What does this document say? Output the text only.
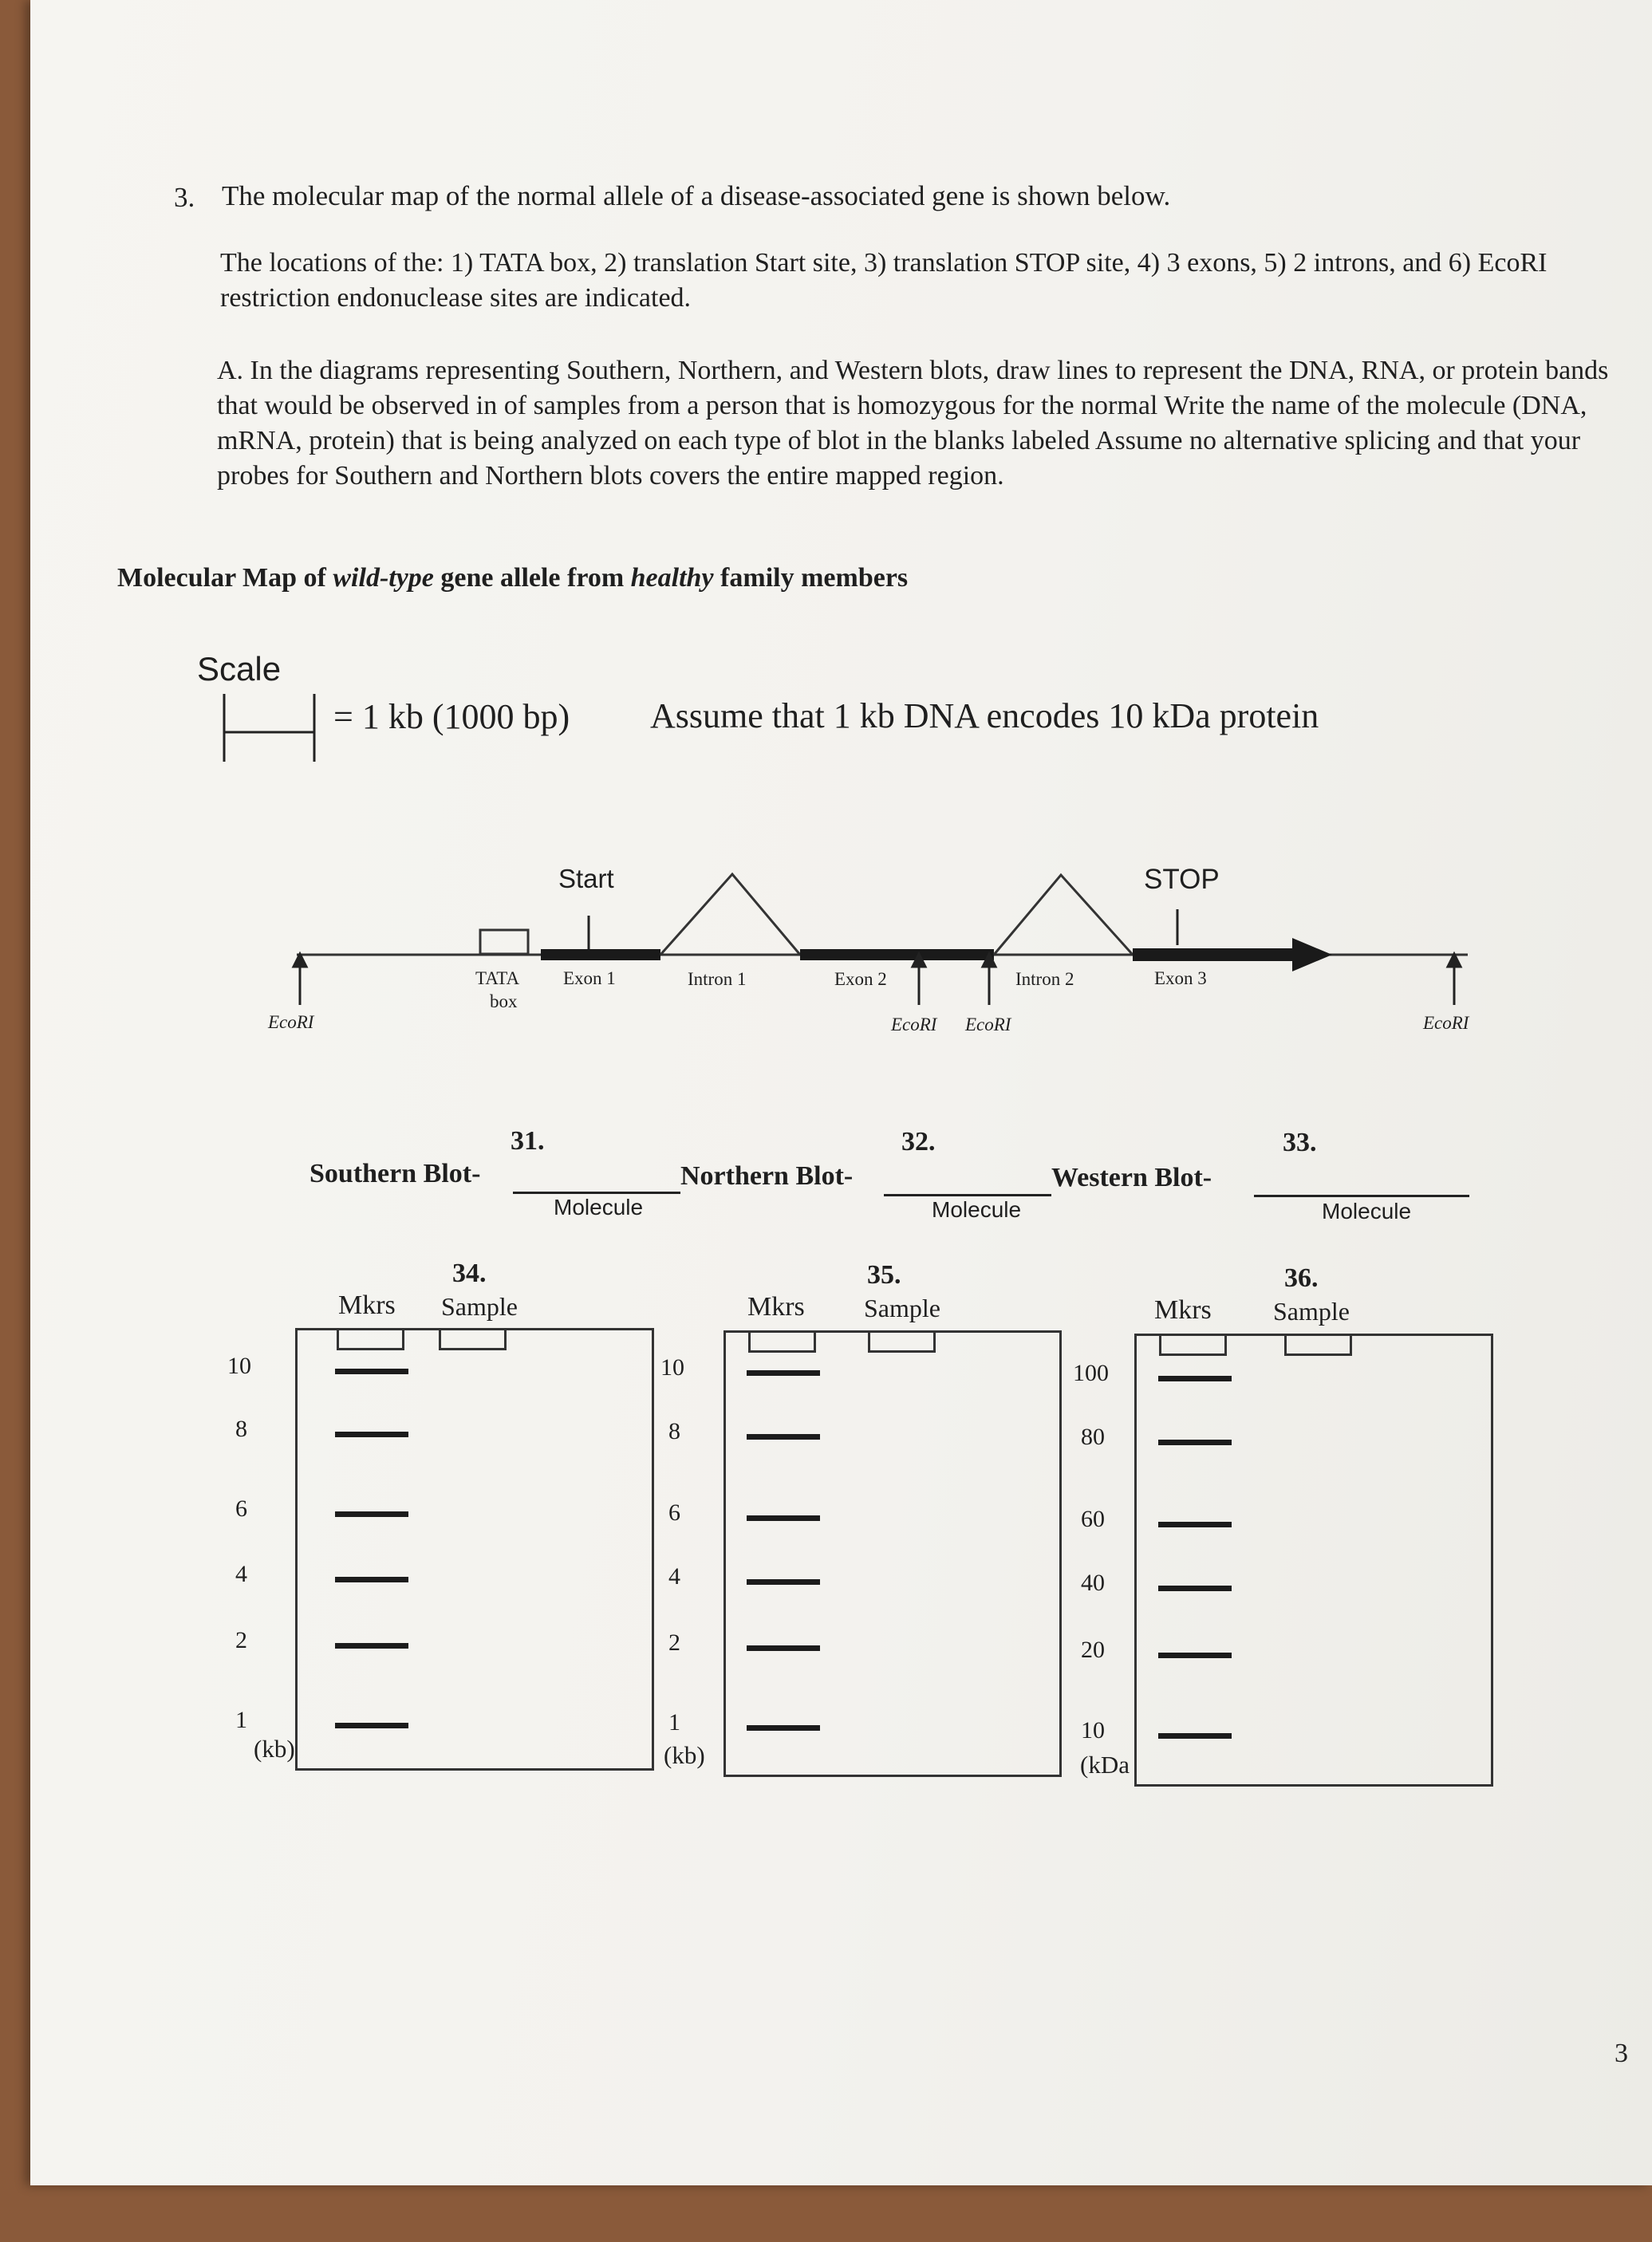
3. The molecular map of the normal allele of a disease-associated gene is shown below.
The locations of the: 1) TATA box, 2) translation Start site, 3) translation STOP site, 4) 3 exons, 5) 2 introns, and 6) EcoRI restriction endonuclease sites are indicated.
A. In the diagrams representing Southern, Northern, and Western blots, draw lines to represent the DNA, RNA, or protein bands that would be observed in of samples from a person that is homozygous for the normal Write the name of the molecule (DNA, mRNA, protein) that is being analyzed on each type of blot in the blanks labeled Assume no alternative splicing and that your probes for Southern and Northern blots covers the entire mapped region.
Molecular Map of wild-type gene allele from healthy family members
Scale
= 1 kb (1000 bp) Assume that 1 kb DNA encodes 10 kDa protein
Start	STOP
TATA
box
Exon 1	Intron 1	Exon 2	Intron 2	Exon 3
EcoRI	EcoRI EcoRI	EcoRI
31.
Southern Blot-
Molecule
32.
Northern Blot-
Molecule
33.
Western Blot-
Molecule
34.
Mkrs Sample
10
8
6
4
2
1
(kb)
35.
Mkrs Sample
10
8
6
4
2
1
(kb)
36.
Mkrs Sample
100
80
60
40
20
10
(kDa
3
